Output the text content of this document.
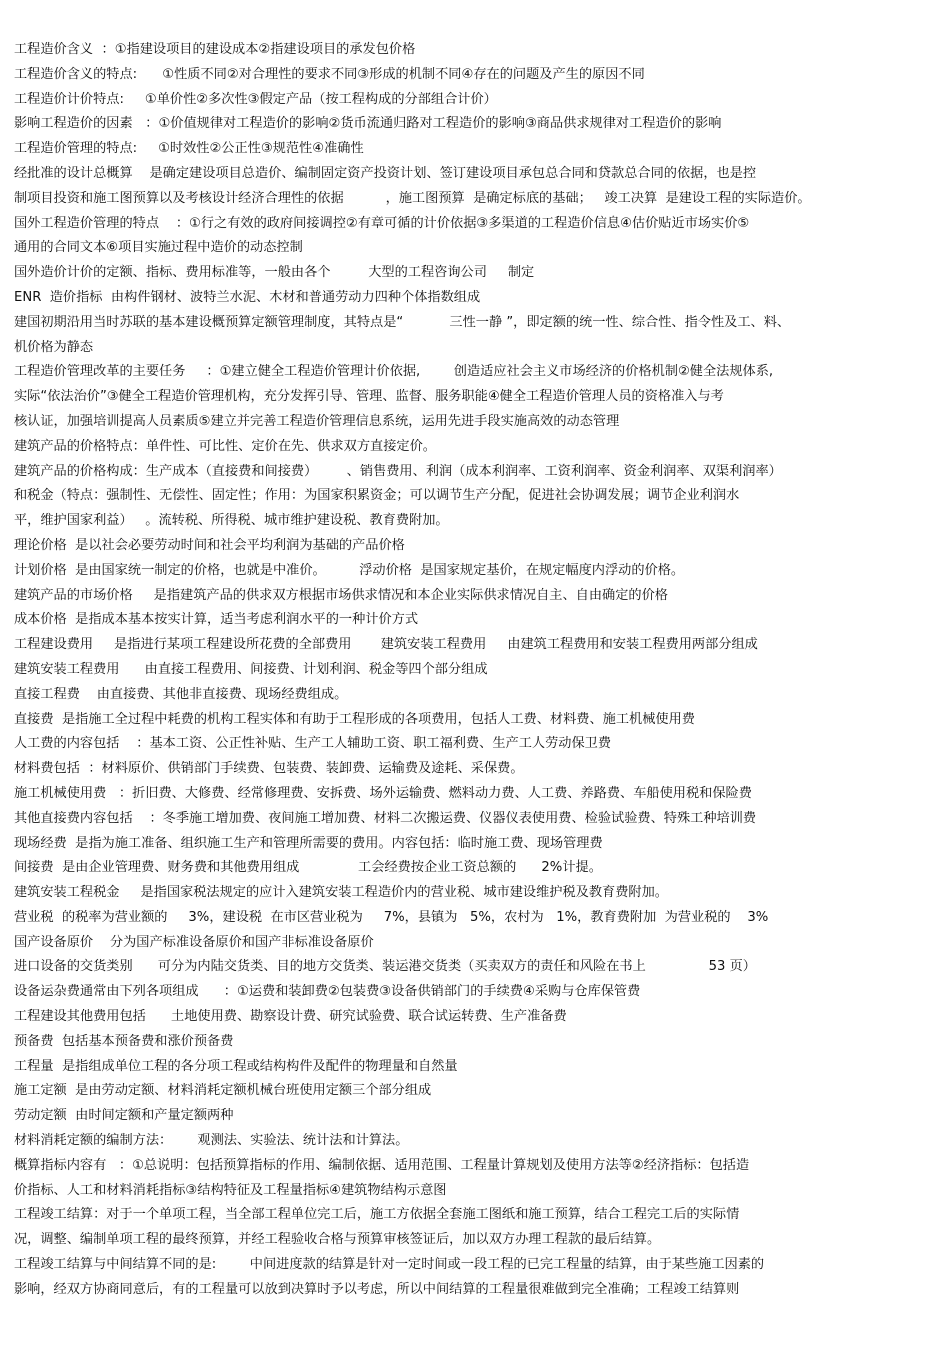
工程造价含义  ：①指建设项目的建设成本②指建设项目的承发包价格
工程造价含义的特点:      ①性质不同②对合理性的要求不同③形成的机制不同④存在的问题及产生的原因不同
工程造价计价特点:     ①单价性②多次性③假定产品（按工程构成的分部组合计价）
影响工程造价的因素   ：①价值规律对工程造价的影响②货币流通归路对工程造价的影响③商品供求规律对工程造价的影响
工程造价管理的特点:     ①时效性②公正性③规范性④准确性
经批准的设计总概算    是确定建设项目总造价、编制固定资产投资计划、签订建设项目承包总合同和贷款总合同的依据，也是控
制项目投资和施工图预算以及考核设计经济合理性的依据          ，施工图预算  是确定标底的基础；   竣工决算  是建设工程的实际造价。
国外工程造价管理的特点    ：①行之有效的政府间接调控②有章可循的计价依据③多渠道的工程造价信息④估价贴近市场实价⑤
通用的合同文本⑥项目实施过程中造价的动态控制
国外造价计价的定额、指标、费用标准等，一般由各个         大型的工程咨询公司     制定
ENR  造价指标  由构件钢材、波特兰水泥、木材和普通劳动力四种个体指数组成
建国初期沿用当时苏联的基本建设概预算定额管理制度，其特点是“           三性一静 ”，即定额的统一性、综合性、指令性及工、料、
机价格为静态
工程造价管理改革的主要任务     ：①建立健全工程造价管理计价依据,        创造适应社会主义市场经济的价格机制②健全法规体系,
实际“依法治价”③健全工程造价管理机构，充分发挥引导、管理、监督、服务职能④健全工程造价管理人员的资格准入与考
核认证，加强培训提高人员素质⑤建立并完善工程造价管理信息系统，运用先进手段实施高效的动态管理
建筑产品的价格特点：单件性、可比性、定价在先、供求双方直接定价。
建筑产品的价格构成：生产成本（直接费和间接费）       、销售费用、利润（成本利润率、工资利润率、资金利润率、双渠利润率）
和税金（特点：强制性、无偿性、固定性；作用：为国家积累资金；可以调节生产分配，促进社会协调发展；调节企业利润水
平，维护国家利益）   。流转税、所得税、城市维护建设税、教育费附加。
理论价格  是以社会必要劳动时间和社会平均利润为基础的产品价格
计划价格  是由国家统一制定的价格，也就是中准价。        浮动价格  是国家规定基价，在规定幅度内浮动的价格。
建筑产品的市场价格     是指建筑产品的供求双方根据市场供求情况和本企业实际供求情况自主、自由确定的价格
成本价格  是指成本基本按实计算，适当考虑利润水平的一种计价方式
工程建设费用     是指进行某项工程建设所花费的全部费用       建筑安装工程费用     由建筑工程费用和安装工程费用两部分组成
建筑安装工程费用      由直接工程费用、间接费、计划利润、税金等四个部分组成
直接工程费    由直接费、其他非直接费、现场经费组成。
直接费  是指施工全过程中耗费的机构工程实体和有助于工程形成的各项费用，包括人工费、材料费、施工机械使用费
人工费的内容包括    ：基本工资、公正性补贴、生产工人辅助工资、职工福利费、生产工人劳动保卫费
材料费包括  ：材料原价、供销部门手续费、包装费、装卸费、运输费及途耗、采保费。
施工机械使用费   ：折旧费、大修费、经常修理费、安拆费、场外运输费、燃料动力费、人工费、养路费、车船使用税和保险费
其他直接费内容包括    ：冬季施工增加费、夜间施工增加费、材料二次搬运费、仪器仪表使用费、检验试验费、特殊工种培训费
现场经费  是指为施工准备、组织施工生产和管理所需要的费用。内容包括：临时施工费、现场管理费
间接费  是由企业管理费、财务费和其他费用组成              工会经费按企业工资总额的      2%计提。
建筑安装工程税金     是指国家税法规定的应计入建筑安装工程造价内的营业税、城市建设维护税及教育费附加。
营业税  的税率为营业额的     3%，建设税  在市区营业税为     7%，县镇为   5%，农村为   1%，教育费附加  为营业税的    3%
国产设备原价    分为国产标准设备原价和国产非标准设备原价
进口设备的交货类别      可分为内陆交货类、目的地方交货类、装运港交货类（买卖双方的责任和风险在书上               53 页）
设备运杂费通常由下列各项组成      ：①运费和装卸费②包装费③设备供销部门的手续费④采购与仓库保管费
工程建设其他费用包括      土地使用费、勘察设计费、研究试验费、联合试运转费、生产准备费
预备费  包括基本预备费和涨价预备费
工程量  是指组成单位工程的各分项工程或结构构件及配件的物理量和自然量
施工定额  是由劳动定额、材料消耗定额机械台班使用定额三个部分组成
劳动定额  由时间定额和产量定额两种
材料消耗定额的编制方法：      观测法、实验法、统计法和计算法。
概算指标内容有   ：①总说明：包括预算指标的作用、编制依据、适用范围、工程量计算规划及使用方法等②经济指标：包括造
价指标、人工和材料消耗指标③结构特征及工程量指标④建筑物结构示意图
工程竣工结算：对于一个单项工程，当全部工程单位完工后，施工方依据全套施工图纸和施工预算，结合工程完工后的实际情
况，调整、编制单项工程的最终预算，并经工程验收合格与预算审核签证后，加以双方办理工程款的最后结算。
工程竣工结算与中间结算不同的是:        中间进度款的结算是针对一定时间或一段工程的已完工程量的结算，由于某些施工因素的
影响，经双方协商同意后，有的工程量可以放到决算时予以考虑，所以中间结算的工程量很难做到完全准确；工程竣工结算则
